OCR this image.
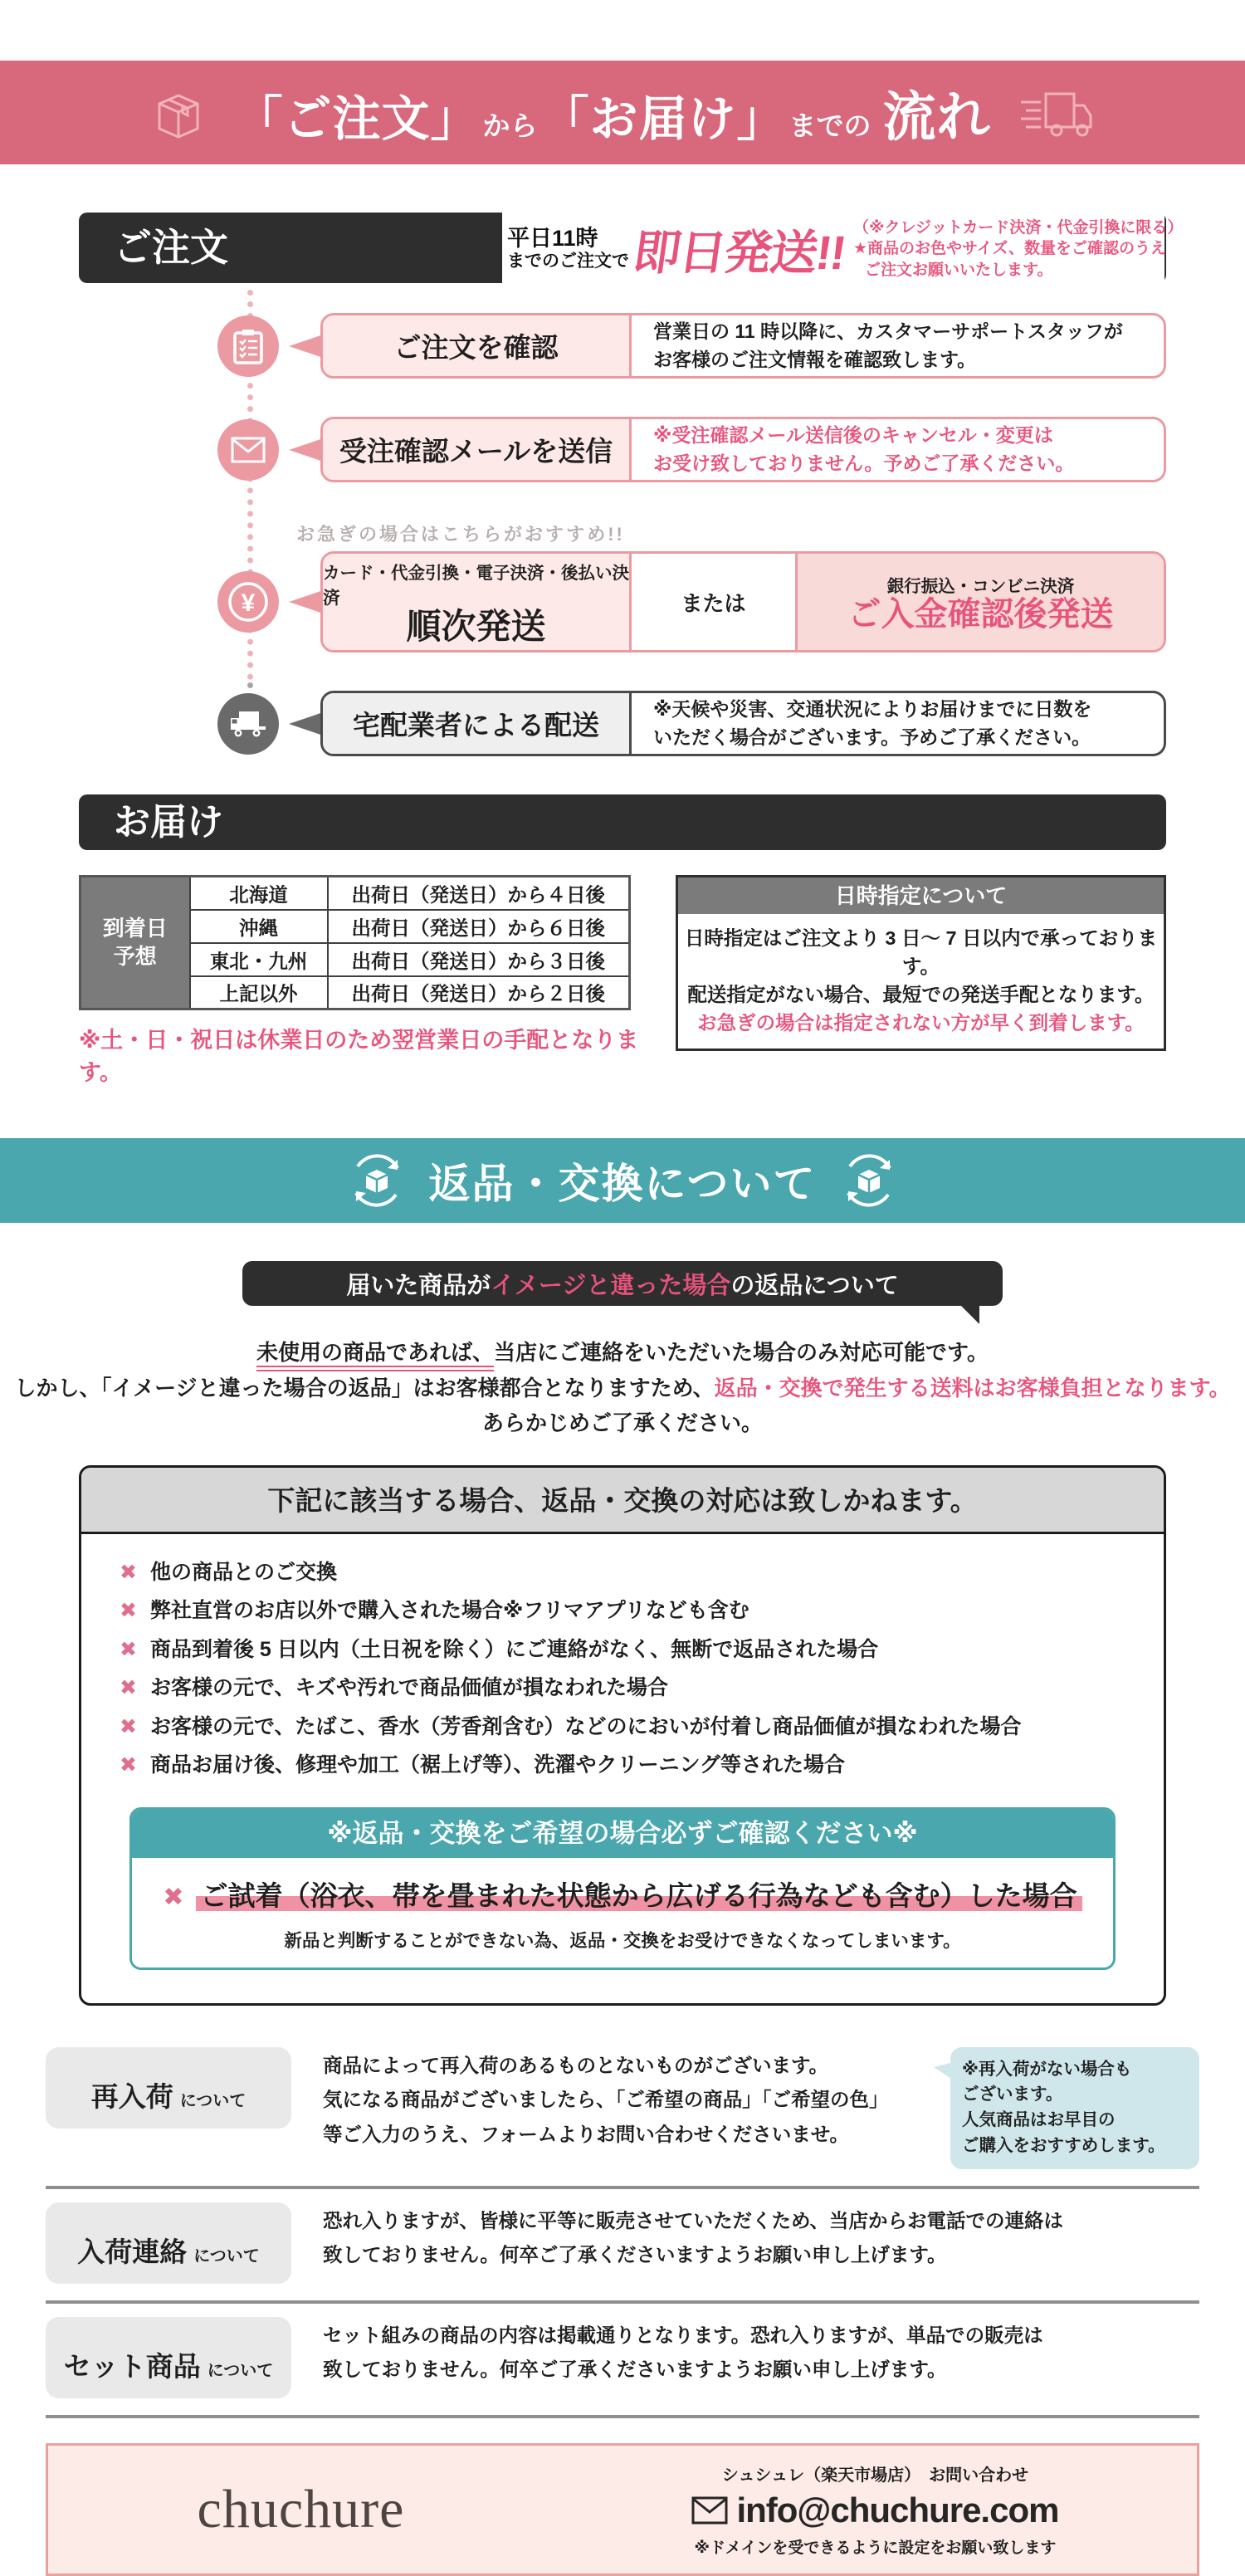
「ご注文」 から 「お届け」 までの 流れ
ご注文	平日11時
までのご注文で 即日発送!! （※クレジットカード決済・代金引換に限る）
★商品のお色やサイズ、数量をご確認のうえ
ご注文お願いいたします。
ご注文を確認
営業日の 11 時以降に、カスタマーサポートスタッフが
お客様のご注文情報を確認致します。
受注確認メールを送信
※受注確認メール送信後のキャンセル・変更は
お受け致しておりません。予めご了承ください。
お急ぎの場合はこちらがおすすめ!!
¥
カード・代金引換・電子決済・後払い決済
順次発送
または
銀行振込・コンビニ決済
ご入金確認後発送
宅配業者による配送
※天候や災害、交通状況によりお届けまでに日数を
いただく場合がございます。予めご了承ください。
お届け
到着日
予想	北海道	出荷日（発送日）から４日後
	沖縄	出荷日（発送日）から６日後
	東北・九州	出荷日（発送日）から３日後
	上記以外	出荷日（発送日）から２日後
※土・日・祝日は休業日のため翌営業日の手配となります。
日時指定について
日時指定はご注文より 3 日〜 7 日以内で承っております。
配送指定がない場合、最短での発送手配となります。
お急ぎの場合は指定されない方が早く到着します。
返品・交換について
届いた商品が イメージと違った場合 の返品について
未使用の商品であれば、当店にご連絡をいただいた場合のみ対応可能です。
しかし、「イメージと違った場合の返品」はお客様都合となりますため、返品・交換で発生する送料はお客様負担となります。
あらかじめご了承ください。
下記に該当する場合、返品・交換の対応は致しかねます。
✖ 他の商品とのご交換
✖ 弊社直営のお店以外で購入された場合※フリマアプリなども含む
✖ 商品到着後 5 日以内（土日祝を除く）にご連絡がなく、無断で返品された場合
✖ お客様の元で、キズや汚れで商品価値が損なわれた場合
✖ お客様の元で、たばこ、香水（芳香剤含む）などのにおいが付着し商品価値が損なわれた場合
✖ 商品お届け後、修理や加工（裾上げ等）、洗濯やクリーニング等された場合
※返品・交換をご希望の場合必ずご確認ください※
✖ ご試着（浴衣、帯を畳まれた状態から広げる行為なども含む）した場合
新品と判断することができない為、返品・交換をお受けできなくなってしまいます。
再入荷 について
商品によって再入荷のあるものとないものがございます。
気になる商品がございましたら、「ご希望の商品」「ご希望の色」
等ご入力のうえ、フォームよりお問い合わせくださいませ。
※再入荷がない場合も
ございます。
人気商品はお早目の
ご購入をおすすめします。
入荷連絡 について
恐れ入りますが、皆様に平等に販売させていただくため、当店からお電話での連絡は
致しておりません。何卒ご了承くださいますようお願い申し上げます。
セット商品 について
セット組みの商品の内容は掲載通りとなります。恐れ入りますが、単品での販売は
致しておりません。何卒ご了承くださいますようお願い申し上げます。
chuchure
シュシュレ（楽天市場店）　お問い合わせ
info@chuchure.com
※ドメインを受できるように設定をお願い致します
